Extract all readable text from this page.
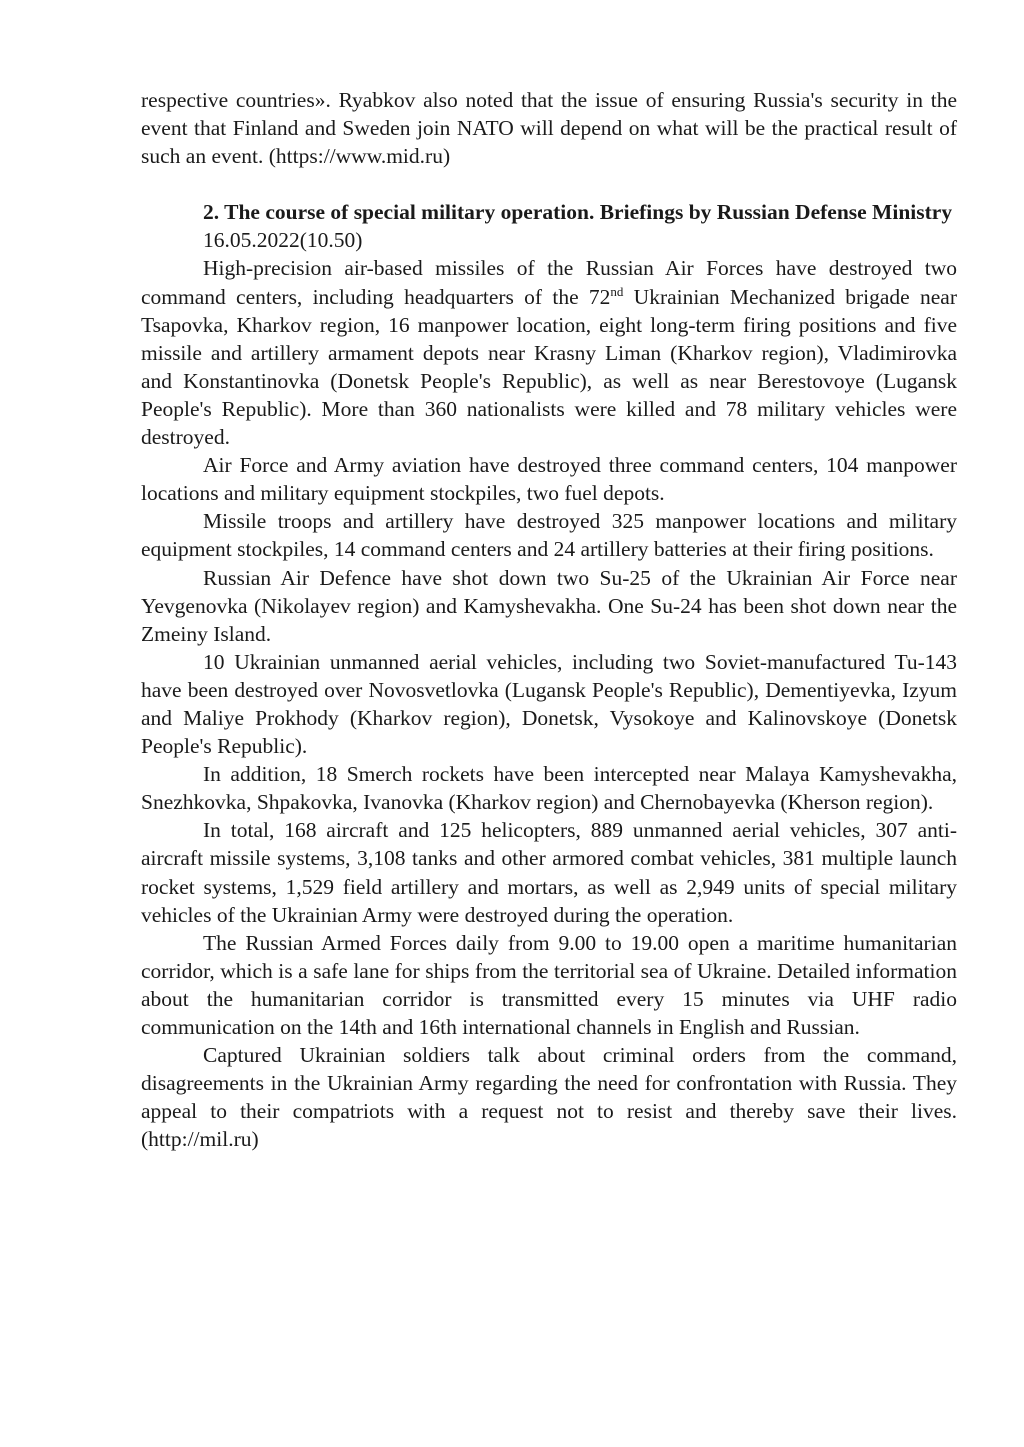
respective countries». Ryabkov also noted that the issue of ensuring Russia's security in the event that Finland and Sweden join NATO will depend on what will be the practical result of such an event. (https://www.mid.ru)

2. The course of special military operation. Briefings by Russian Defense Ministry

16.05.2022(10.50)

High-precision air-based missiles of the Russian Air Forces have destroyed two command centers, including headquarters of the 72nd Ukrainian Mechanized brigade near Tsapovka, Kharkov region, 16 manpower location, eight long-term firing positions and five missile and artillery armament depots near Krasny Liman (Kharkov region), Vladimirovka and Konstantinovka (Donetsk People's Republic), as well as near Berestovoye (Lugansk People's Republic). More than 360 nationalists were killed and 78 military vehicles were destroyed.

Air Force and Army aviation have destroyed three command centers, 104 manpower locations and military equipment stockpiles, two fuel depots.

Missile troops and artillery have destroyed 325 manpower locations and military equipment stockpiles, 14 command centers and 24 artillery batteries at their firing positions.

Russian Air Defence have shot down two Su-25 of the Ukrainian Air Force near Yevgenovka (Nikolayev region) and Kamyshevakha. One Su-24 has been shot down near the Zmeiny Island.

10 Ukrainian unmanned aerial vehicles, including two Soviet-manufactured Tu-143 have been destroyed over Novosvetlovka (Lugansk People's Republic), Dementiyevka, Izyum and Maliye Prokhody (Kharkov region), Donetsk, Vysokoye and Kalinovskoye (Donetsk People's Republic).

In addition, 18 Smerch rockets have been intercepted near Malaya Kamyshevakha, Snezhkovka, Shpakovka, Ivanovka (Kharkov region) and Chernobayevka (Kherson region).

In total, 168 aircraft and 125 helicopters, 889 unmanned aerial vehicles, 307 anti-aircraft missile systems, 3,108 tanks and other armored combat vehicles, 381 multiple launch rocket systems, 1,529 field artillery and mortars, as well as 2,949 units of special military vehicles of the Ukrainian Army were destroyed during the operation.

The Russian Armed Forces daily from 9.00 to 19.00 open a maritime humanitarian corridor, which is a safe lane for ships from the territorial sea of Ukraine. Detailed information about the humanitarian corridor is transmitted every 15 minutes via UHF radio communication on the 14th and 16th international channels in English and Russian.

Captured Ukrainian soldiers talk about criminal orders from the command, disagreements in the Ukrainian Army regarding the need for confrontation with Russia. They appeal to their compatriots with a request not to resist and thereby save their lives. (http://mil.ru)
